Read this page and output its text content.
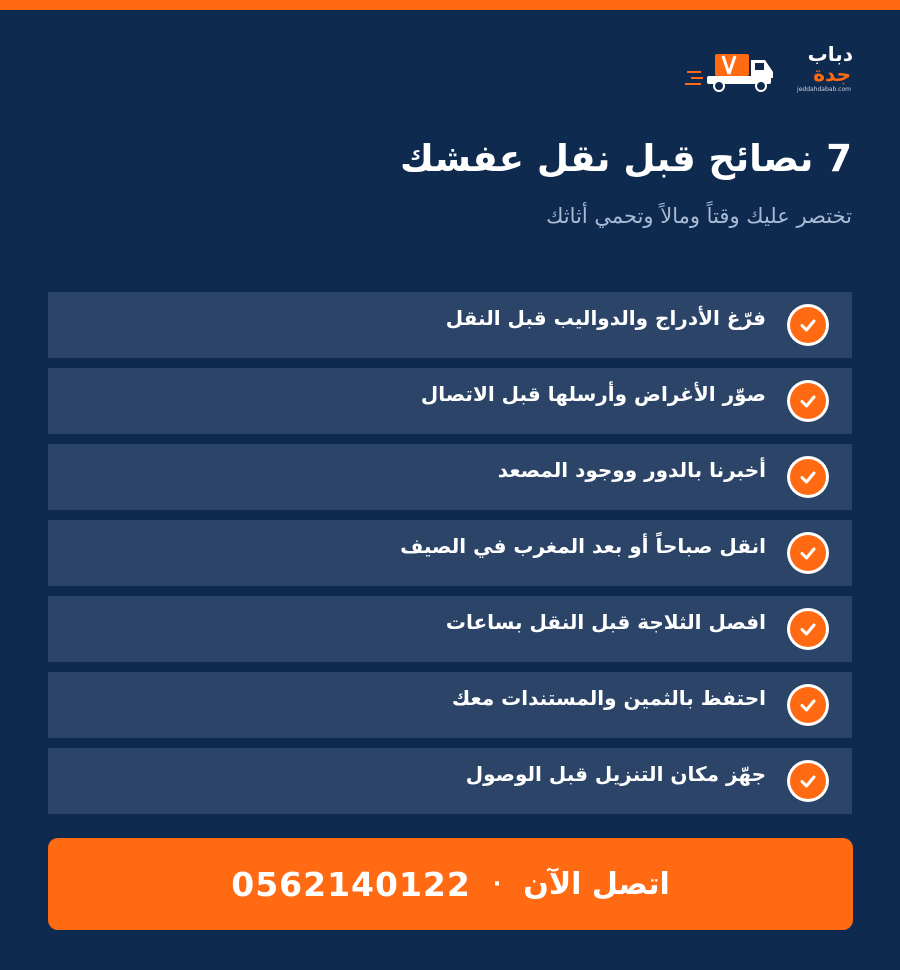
دباب
جدة
jeddahdabab.com
7 نصائح قبل نقل عفشك
تختصر عليك وقتاً ومالاً وتحمي أثاثك
فرّغ الأدراج والدواليب قبل النقل
صوّر الأغراض وأرسلها قبل الاتصال
أخبرنا بالدور ووجود المصعد
انقل صباحاً أو بعد المغرب في الصيف
افصل الثلاجة قبل النقل بساعات
احتفظ بالثمين والمستندات معك
جهّز مكان التنزيل قبل الوصول
اتصل الآن
·
0562140122
